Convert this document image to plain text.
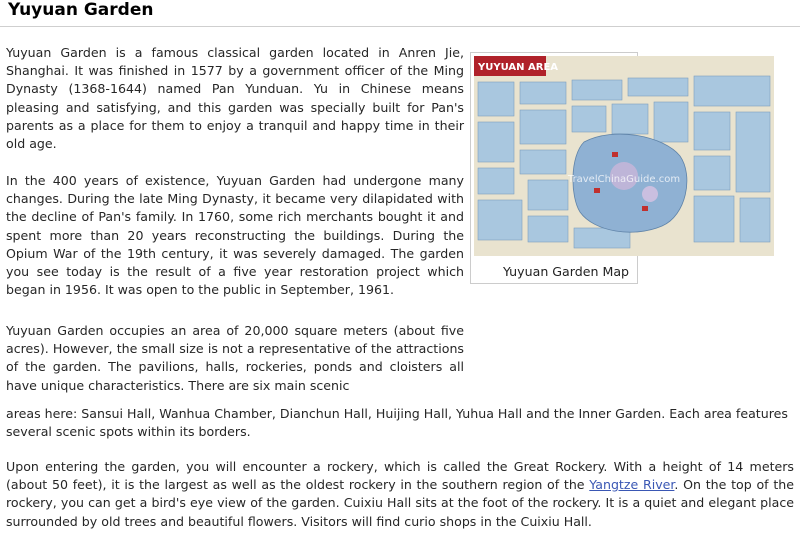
Yuyuan Garden

Yuyuan Garden is a famous classical garden located in Anren Jie, Shanghai. It was finished in 1577 by a government officer of the Ming Dynasty (1368-1644) named Pan Yunduan. Yu in Chinese means pleasing and satisfying, and this garden was specially built for Pan's parents as a place for them to enjoy a tranquil and happy time in their old age.

In the 400 years of existence, Yuyuan Garden had undergone many changes. During the late Ming Dynasty, it became very dilapidated with the decline of Pan's family. In 1760, some rich merchants bought it and spent more than 20 years reconstructing the buildings. During the Opium War of the 19th century, it was severely damaged. The garden you see today is the result of a five year restoration project which began in 1956. It was open to the public in September, 1961.

Yuyuan Garden occupies an area of 20,000 square meters (about five acres). However, the small size is not a representative of the attractions of the garden. The pavilions, halls, rockeries, ponds and cloisters all have unique characteristics. There are six main scenic

areas here: Sansui Hall, Wanhua Chamber, Dianchun Hall, Huijing Hall, Yuhua Hall and the Inner Garden. Each area features several scenic spots within its borders.

Upon entering the garden, you will encounter a rockery, which is called the Great Rockery. With a height of 14 meters (about 50 feet), it is the largest as well as the oldest rockery in the southern region of the Yangtze River. On the top of the rockery, you can get a bird's eye view of the garden. Cuixiu Hall sits at the foot of the rockery. It is a quiet and elegant place surrounded by old trees and beautiful flowers. Visitors will find curio shops in the Cuixiu Hall.

YUYUAN AREA
TravelChinaGuide.com
Yuyuan Garden Map
